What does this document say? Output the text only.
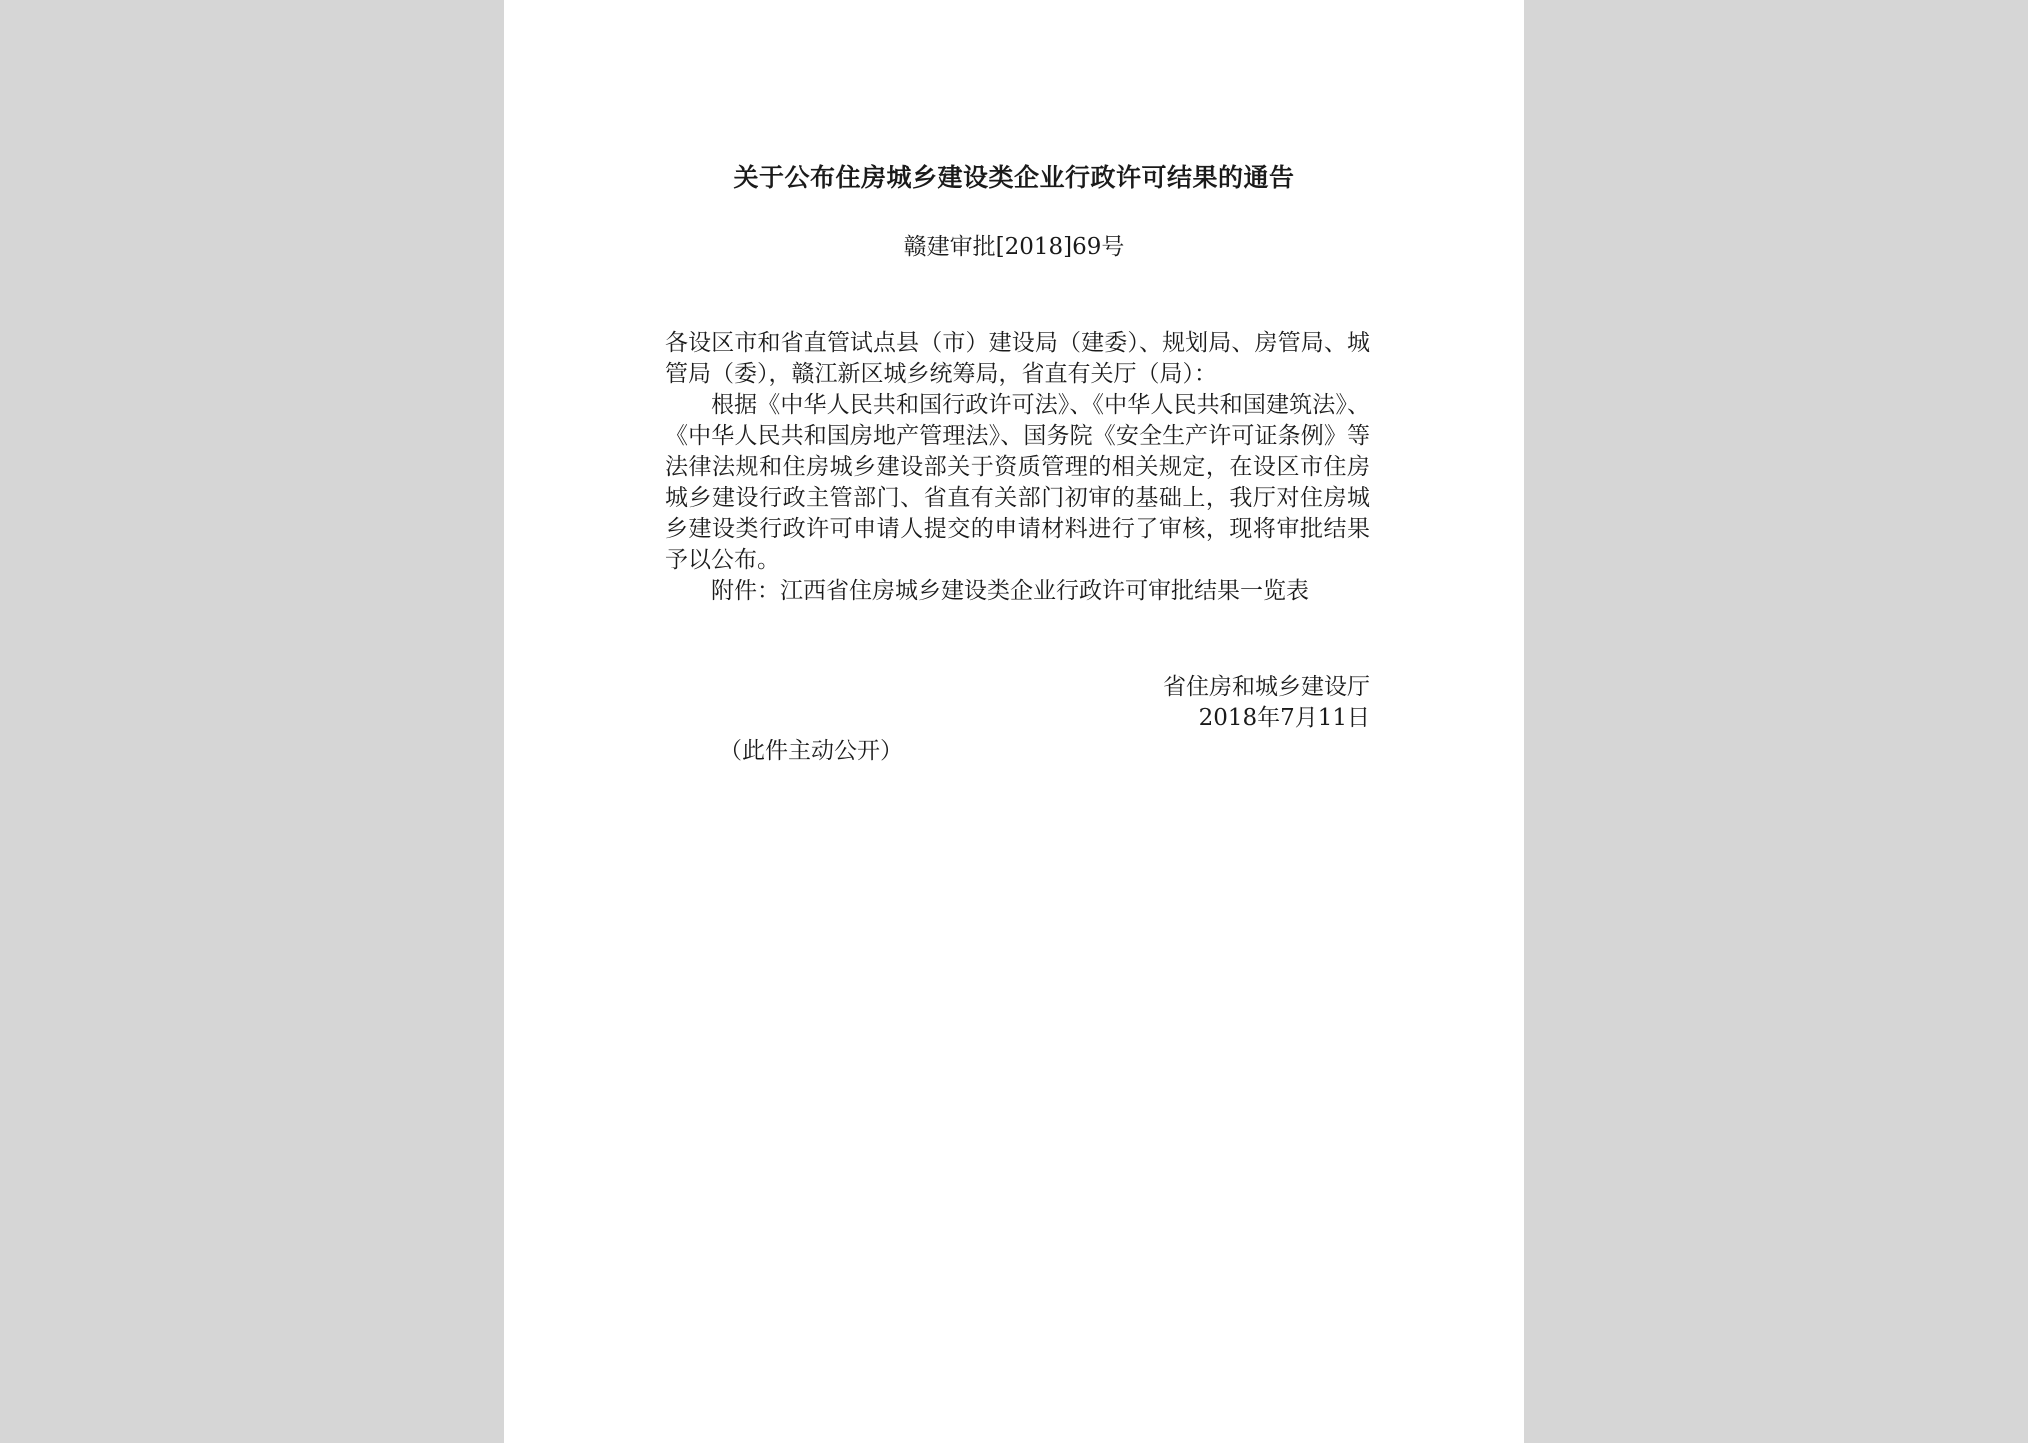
关于公布住房城乡建设类企业行政许可结果的通告
赣建审批[2018]69号

各设区市和省直管试点县（市）建设局（建委）、规划局、房管局、城管局（委），赣江新区城乡统筹局，省直有关厅（局）：

根据《中华人民共和国行政许可法》、《中华人民共和国建筑法》、《中华人民共和国房地产管理法》、国务院《安全生产许可证条例》等法律法规和住房城乡建设部关于资质管理的相关规定，在设区市住房城乡建设行政主管部门、省直有关部门初审的基础上，我厅对住房城乡建设类行政许可申请人提交的申请材料进行了审核，现将审批结果予以公布。

附件：江西省住房城乡建设类企业行政许可审批结果一览表

省住房和城乡建设厅
2018年7月11日
（此件主动公开）
